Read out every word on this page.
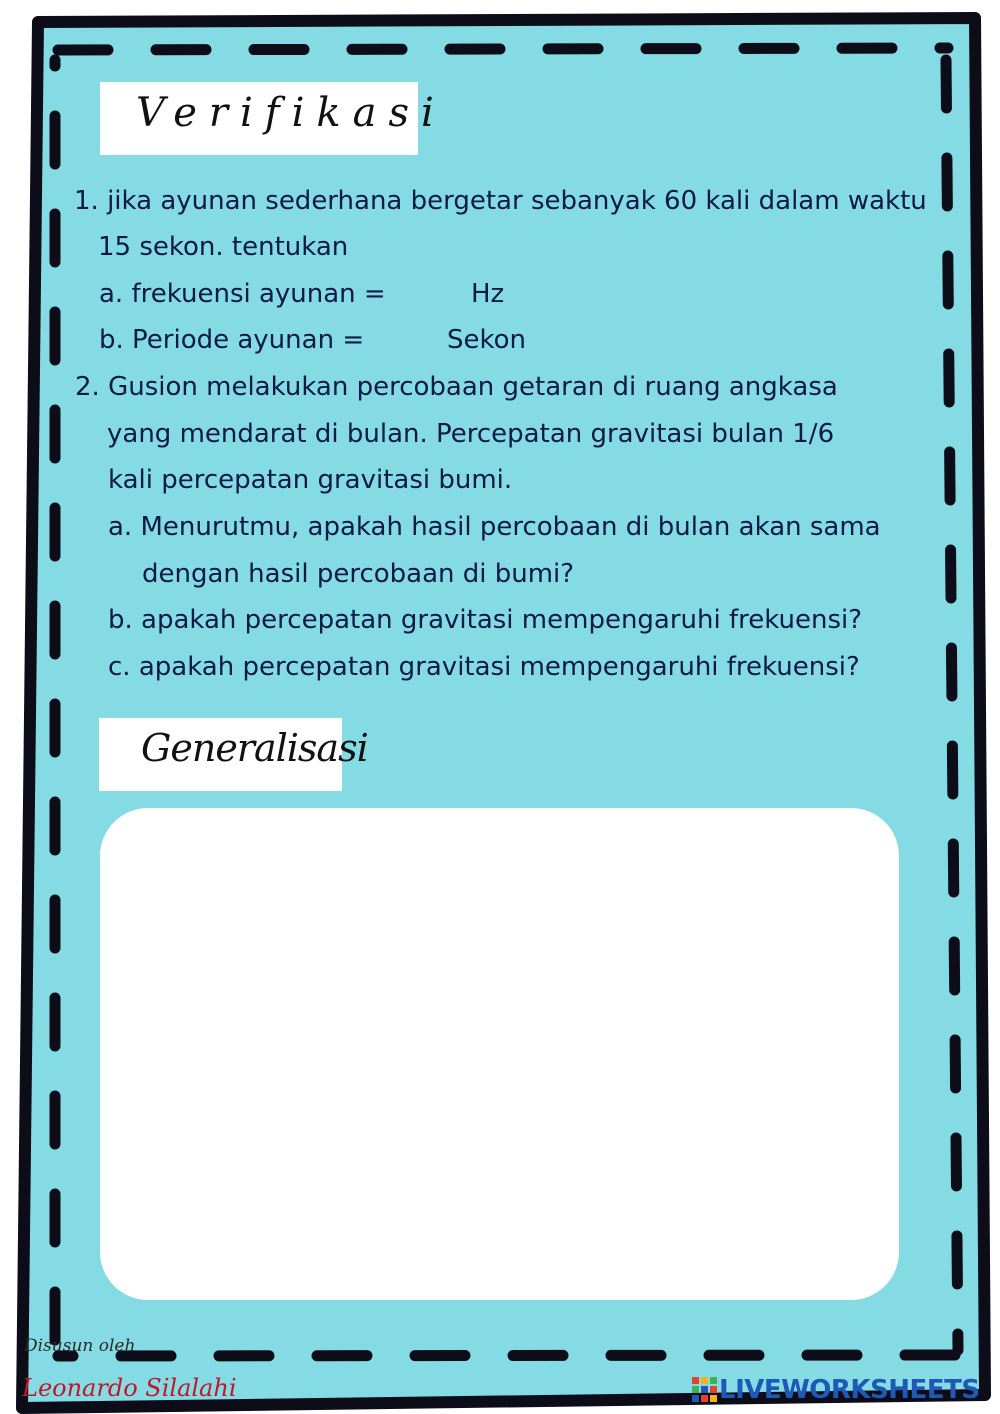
Verifikasi
1. jika ayunan sederhana bergetar sebanyak 60 kali dalam waktu
15 sekon. tentukan
a. frekuensi ayunan =	Hz
b. Periode ayunan =	Sekon
2. Gusion melakukan percobaan getaran di ruang angkasa
yang mendarat di bulan. Percepatan gravitasi bulan 1/6
kali percepatan gravitasi bumi.
a. Menurutmu, apakah hasil percobaan di bulan akan sama
dengan hasil percobaan di bumi?
b. apakah percepatan gravitasi mempengaruhi frekuensi?
c. apakah percepatan gravitasi mempengaruhi frekuensi?
Generalisasi
Disusun oleh
Leonardo Silalahi	LIVEWORKSHEETS
